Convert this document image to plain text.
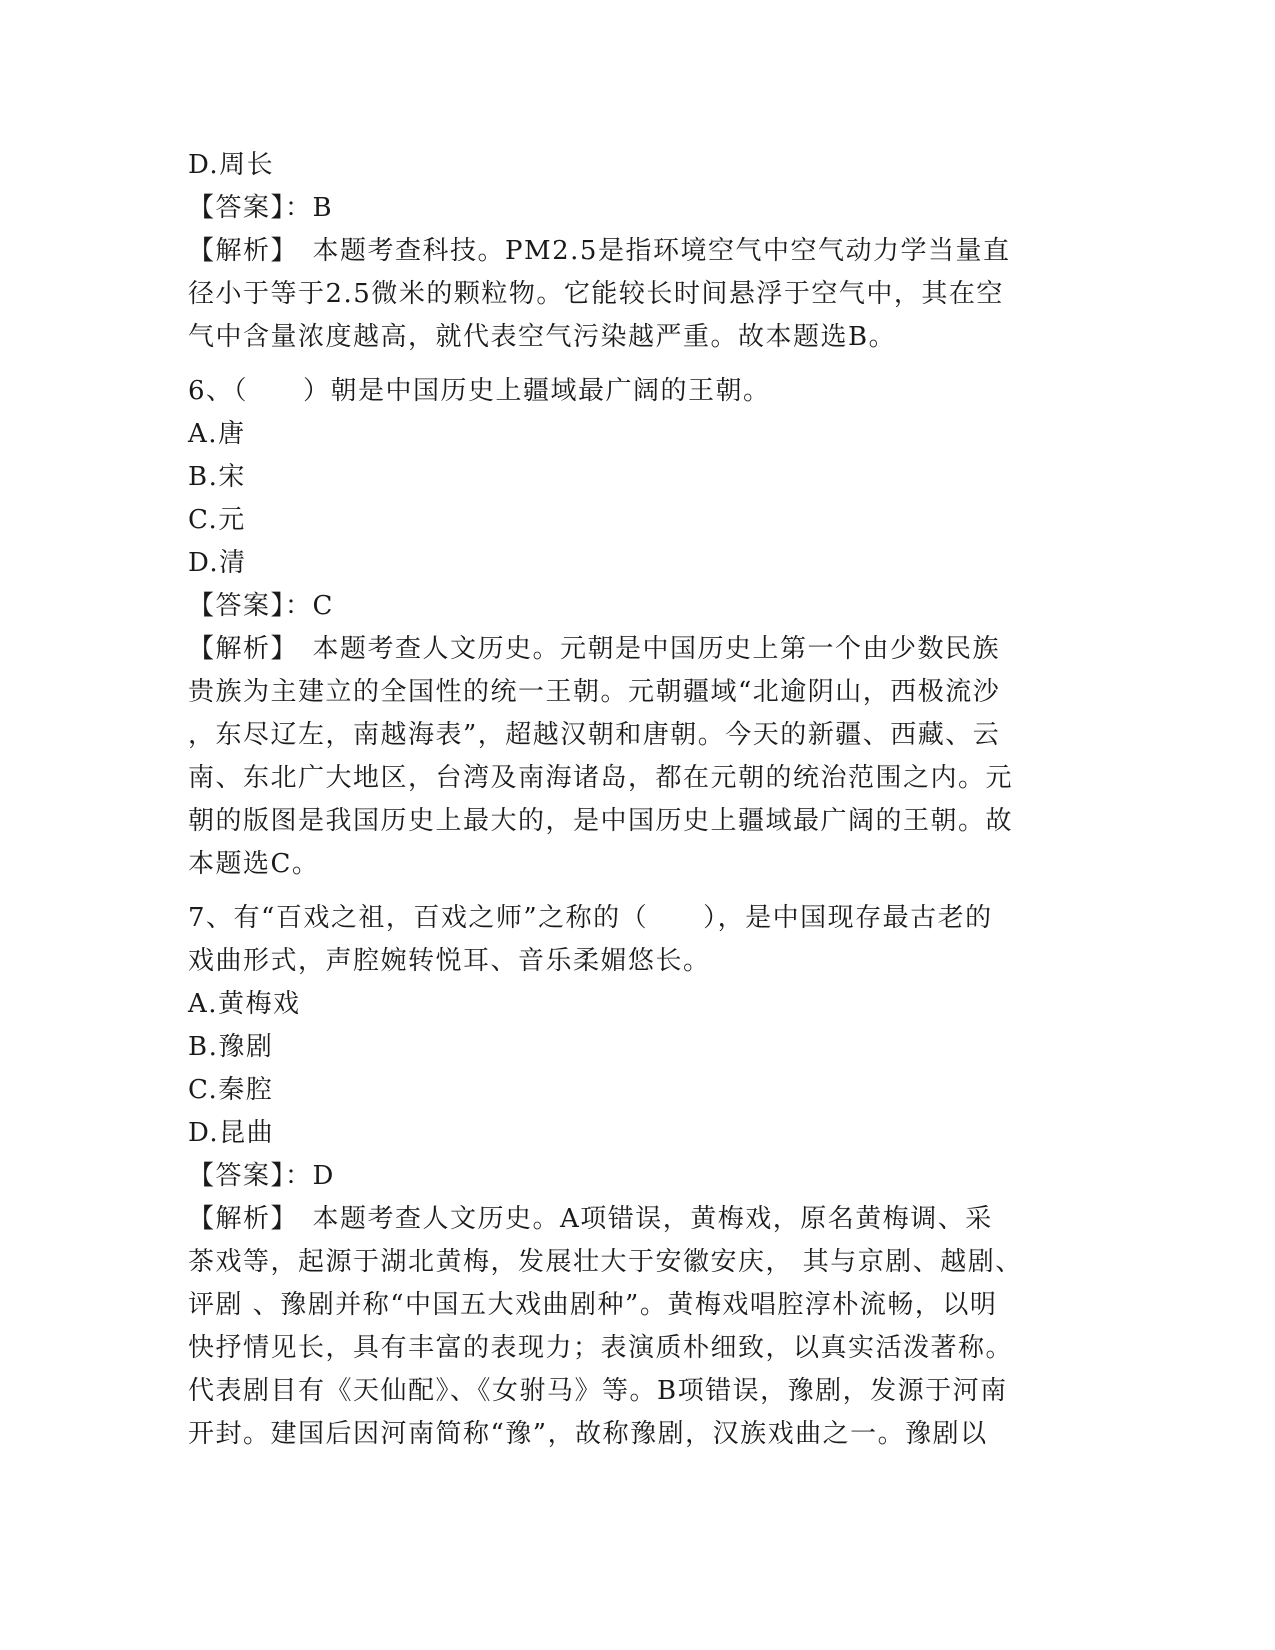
D.周长
【答案】：B
【解析】　本题考查科技。PM2.5是指环境空气中空气动力学当量直
径小于等于2.5微米的颗粒物。它能较长时间悬浮于空气中，其在空
气中含量浓度越高，就代表空气污染越严重。故本题选B。
6、（　　）朝是中国历史上疆域最广阔的王朝。
A.唐
B.宋
C.元
D.清
【答案】：C
【解析】　本题考查人文历史。元朝是中国历史上第一个由少数民族
贵族为主建立的全国性的统一王朝。元朝疆域“北逾阴山，西极流沙
，东尽辽左，南越海表”，超越汉朝和唐朝。今天的新疆、西藏、云
南、东北广大地区，台湾及南海诸岛，都在元朝的统治范围之内。元
朝的版图是我国历史上最大的，是中国历史上疆域最广阔的王朝。故
本题选C。
7、有“百戏之祖，百戏之师”之称的（　　），是中国现存最古老的
戏曲形式，声腔婉转悦耳、音乐柔媚悠长。
A.黄梅戏
B.豫剧
C.秦腔
D.昆曲
【答案】：D
【解析】　本题考查人文历史。A项错误，黄梅戏，原名黄梅调、采
茶戏等，起源于湖北黄梅，发展壮大于安徽安庆， 其与京剧、越剧、
评剧 、豫剧并称“中国五大戏曲剧种”。黄梅戏唱腔淳朴流畅，以明
快抒情见长，具有丰富的表现力；表演质朴细致，以真实活泼著称。
代表剧目有《天仙配》、《女驸马》等。B项错误，豫剧，发源于河南
开封。建国后因河南简称“豫”，故称豫剧，汉族戏曲之一。豫剧以
